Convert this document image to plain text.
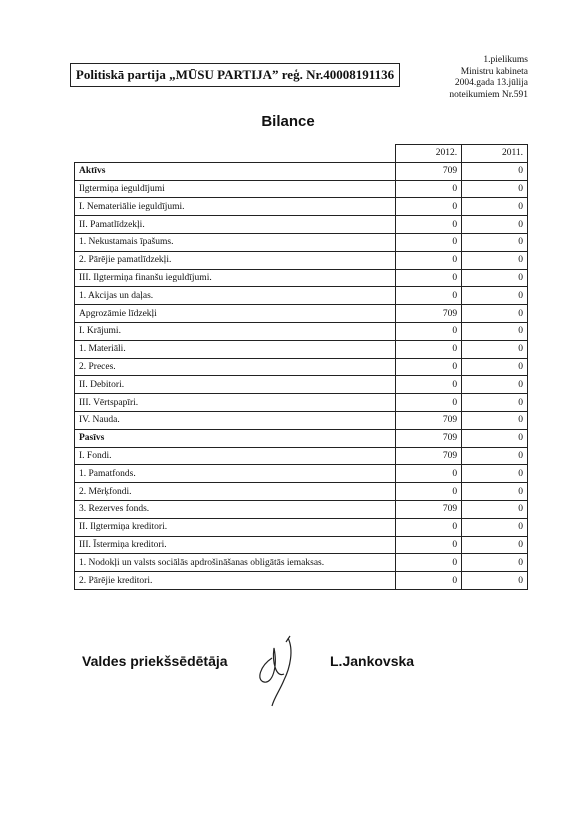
Politiskā partija „MŪSU PARTIJA” reģ. Nr.40008191136
1.pielikums
Ministru kabineta
2004.gada 13.jūlija
noteikumiem Nr.591
Bilance
	2012.	2011.
Aktīvs	709	0
Ilgtermiņa ieguldījumi	0	0
I. Nemateriālie ieguldījumi.	0	0
II. Pamatlīdzekļi.	0	0
1. Nekustamais īpašums.	0	0
2. Pārējie pamatlīdzekļi.	0	0
III. Ilgtermiņa finanšu ieguldījumi.	0	0
1. Akcijas un daļas.	0	0
Apgrozāmie līdzekļi	709	0
I. Krājumi.	0	0
1. Materiāli.	0	0
2. Preces.	0	0
II. Debitori.	0	0
III. Vērtspapīri.	0	0
IV. Nauda.	709	0
Pasīvs	709	0
I. Fondi.	709	0
1. Pamatfonds.	0	0
2. Mērķfondi.	0	0
3. Rezerves fonds.	709	0
II. Ilgtermiņa kreditori.	0	0
III. Īstermiņa kreditori.	0	0
1. Nodokļi un valsts sociālās apdrošināšanas obligātās iemaksas.	0	0
2. Pārējie kreditori.	0	0
Valdes priekšsēdētāja	L.Jankovska
